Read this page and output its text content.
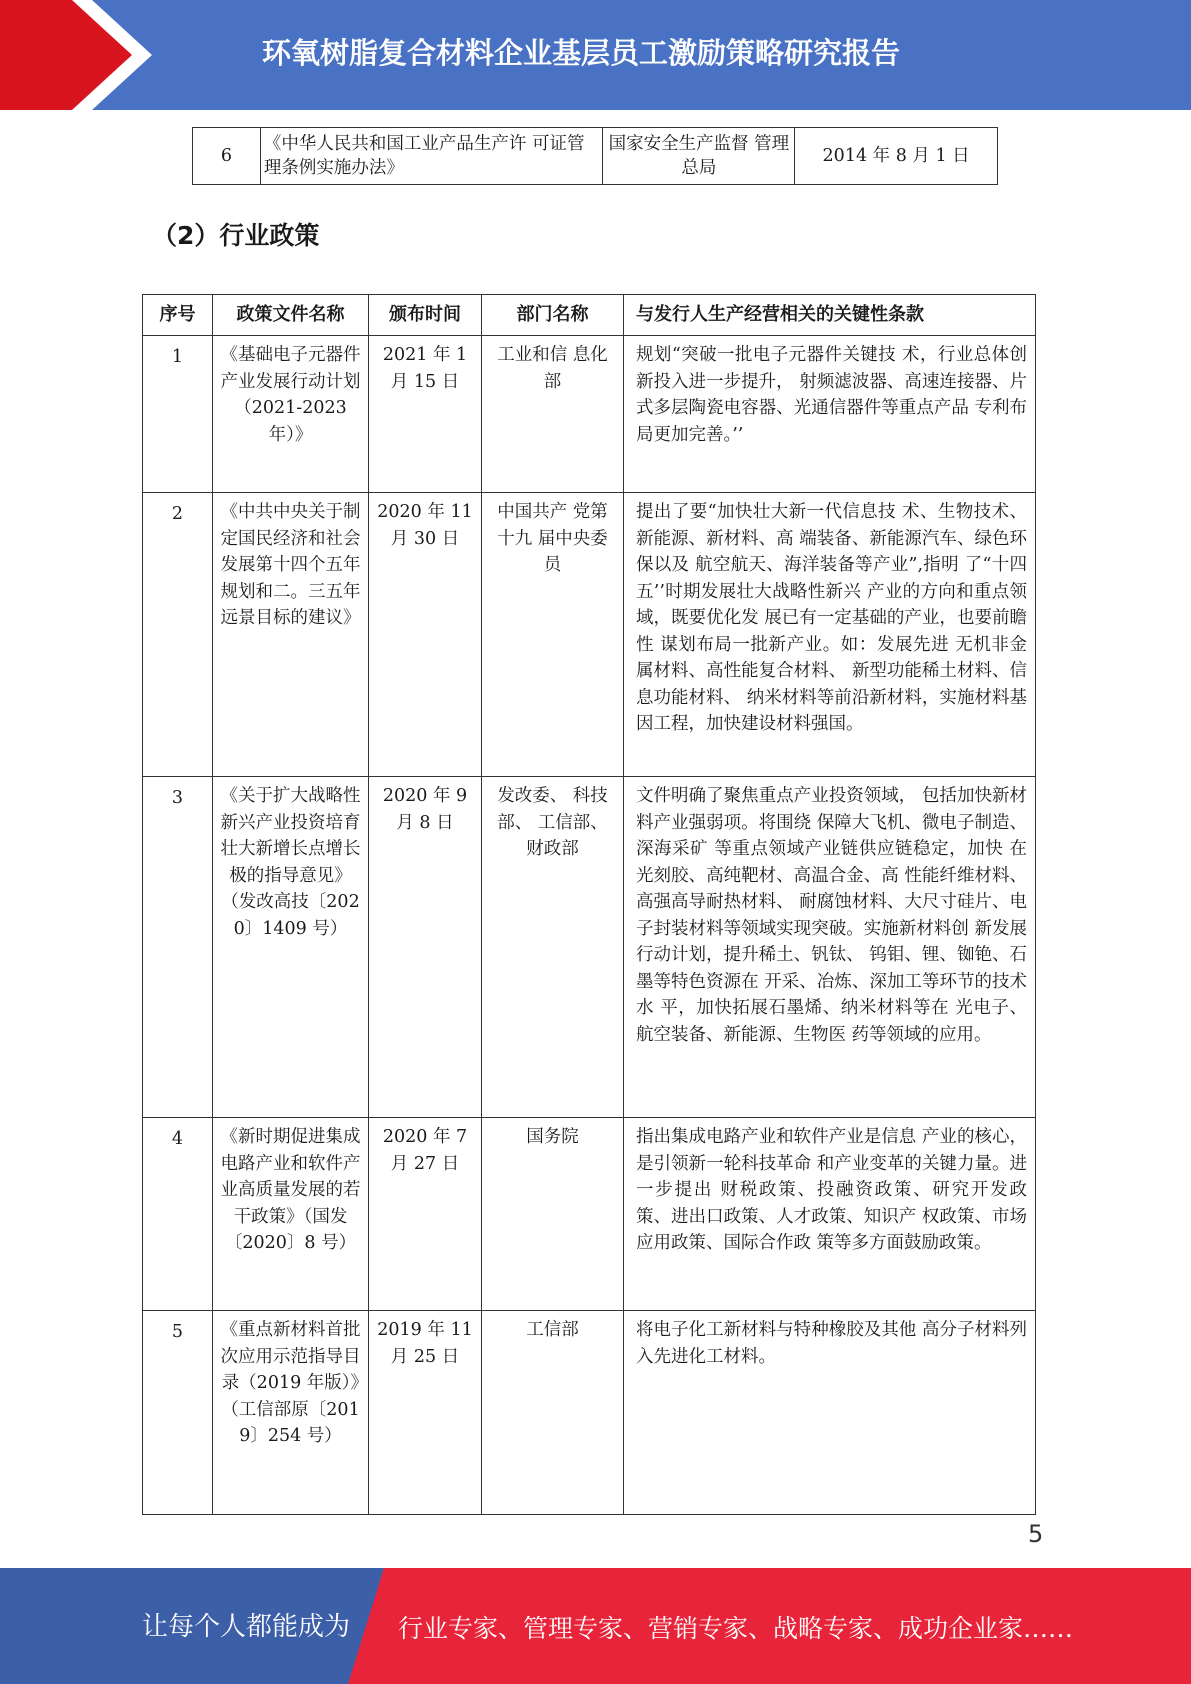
环氧树脂复合材料企业基层员工激励策略研究报告
6	《中华人民共和国工业产品生产许 可证管理条例实施办法》	国家安全生产监督 管理总局	2014 年 8 月 1 日
（2）行业政策
序号	政策文件名称	颁布时间	部门名称	与发行人生产经营相关的关键性条款
1	《基础电子元器件产业发展行动计划（2021-2023年）》	2021 年 1 月 15 日	工业和信 息化部	规划“突破一批电子元器件关键技 术，行业总体创新投入进一步提升， 射频滤波器、高速连接器、片式多层陶瓷电容器、光通信器件等重点产品 专利布局更加完善。’’
2	《中共中央关于制定国民经济和社会发展第十四个五年规划和二。三五年远景目标的建议》	2020 年 11 月 30 日	中国共产 党第十九 届中央委 员	提出了要“加快壮大新一代信息技 术、生物技术、新能源、新材料、高 端装备、新能源汽车、绿色环保以及 航空航天、海洋装备等产业”,指明 了“十四五’’时期发展壮大战略性新兴 产业的方向和重点领域，既要优化发 展已有一定基础的产业，也要前瞻性 谋划布局一批新产业。如：发展先进 无机非金属材料、高性能复合材料、 新型功能稀土材料、信息功能材料、 纳米材料等前沿新材料，实施材料基 因工程，加快建设材料强国。
3	《关于扩大战略性新兴产业投资培育壮大新增长点增长极的指导意见》（发改高技〔2020〕1409 号）	2020 年 9 月 8 日	发改委、 科技部、 工信部、 财政部	文件明确了聚焦重点产业投资领域， 包括加快新材料产业强弱项。将围绕 保障大飞机、微电子制造、深海采矿 等重点领域产业链供应链稳定，加快 在光刻胶、高纯靶材、高温合金、高 性能纤维材料、高强高导耐热材料、 耐腐蚀材料、大尺寸硅片、电子封装材料等领域实现突破。实施新材料创 新发展行动计划，提升稀土、钒钛、 钨钼、锂、铷铯、石墨等特色资源在 开采、冶炼、深加工等环节的技术水 平，加快拓展石墨烯、纳米材料等在 光电子、航空装备、新能源、生物医 药等领域的应用。
4	《新时期促进集成电路产业和软件产业高质量发展的若干政策》（国发〔2020〕8 号）	2020 年 7 月 27 日	国务院	指出集成电路产业和软件产业是信息 产业的核心，是引领新一轮科技革命 和产业变革的关键力量。进一步提出 财税政策、投融资政策、研究开发政 策、进出口政策、人才政策、知识产 权政策、市场应用政策、国际合作政 策等多方面鼓励政策。
5	《重点新材料首批次应用示范指导目录（2019 年版）》（工信部原〔2019〕254 号）	2019 年 11 月 25 日	工信部	将电子化工新材料与特种橡胶及其他 高分子材料列入先进化工材料。
5
让每个人都能成为 行业专家、管理专家、营销专家、战略专家、成功企业家……
